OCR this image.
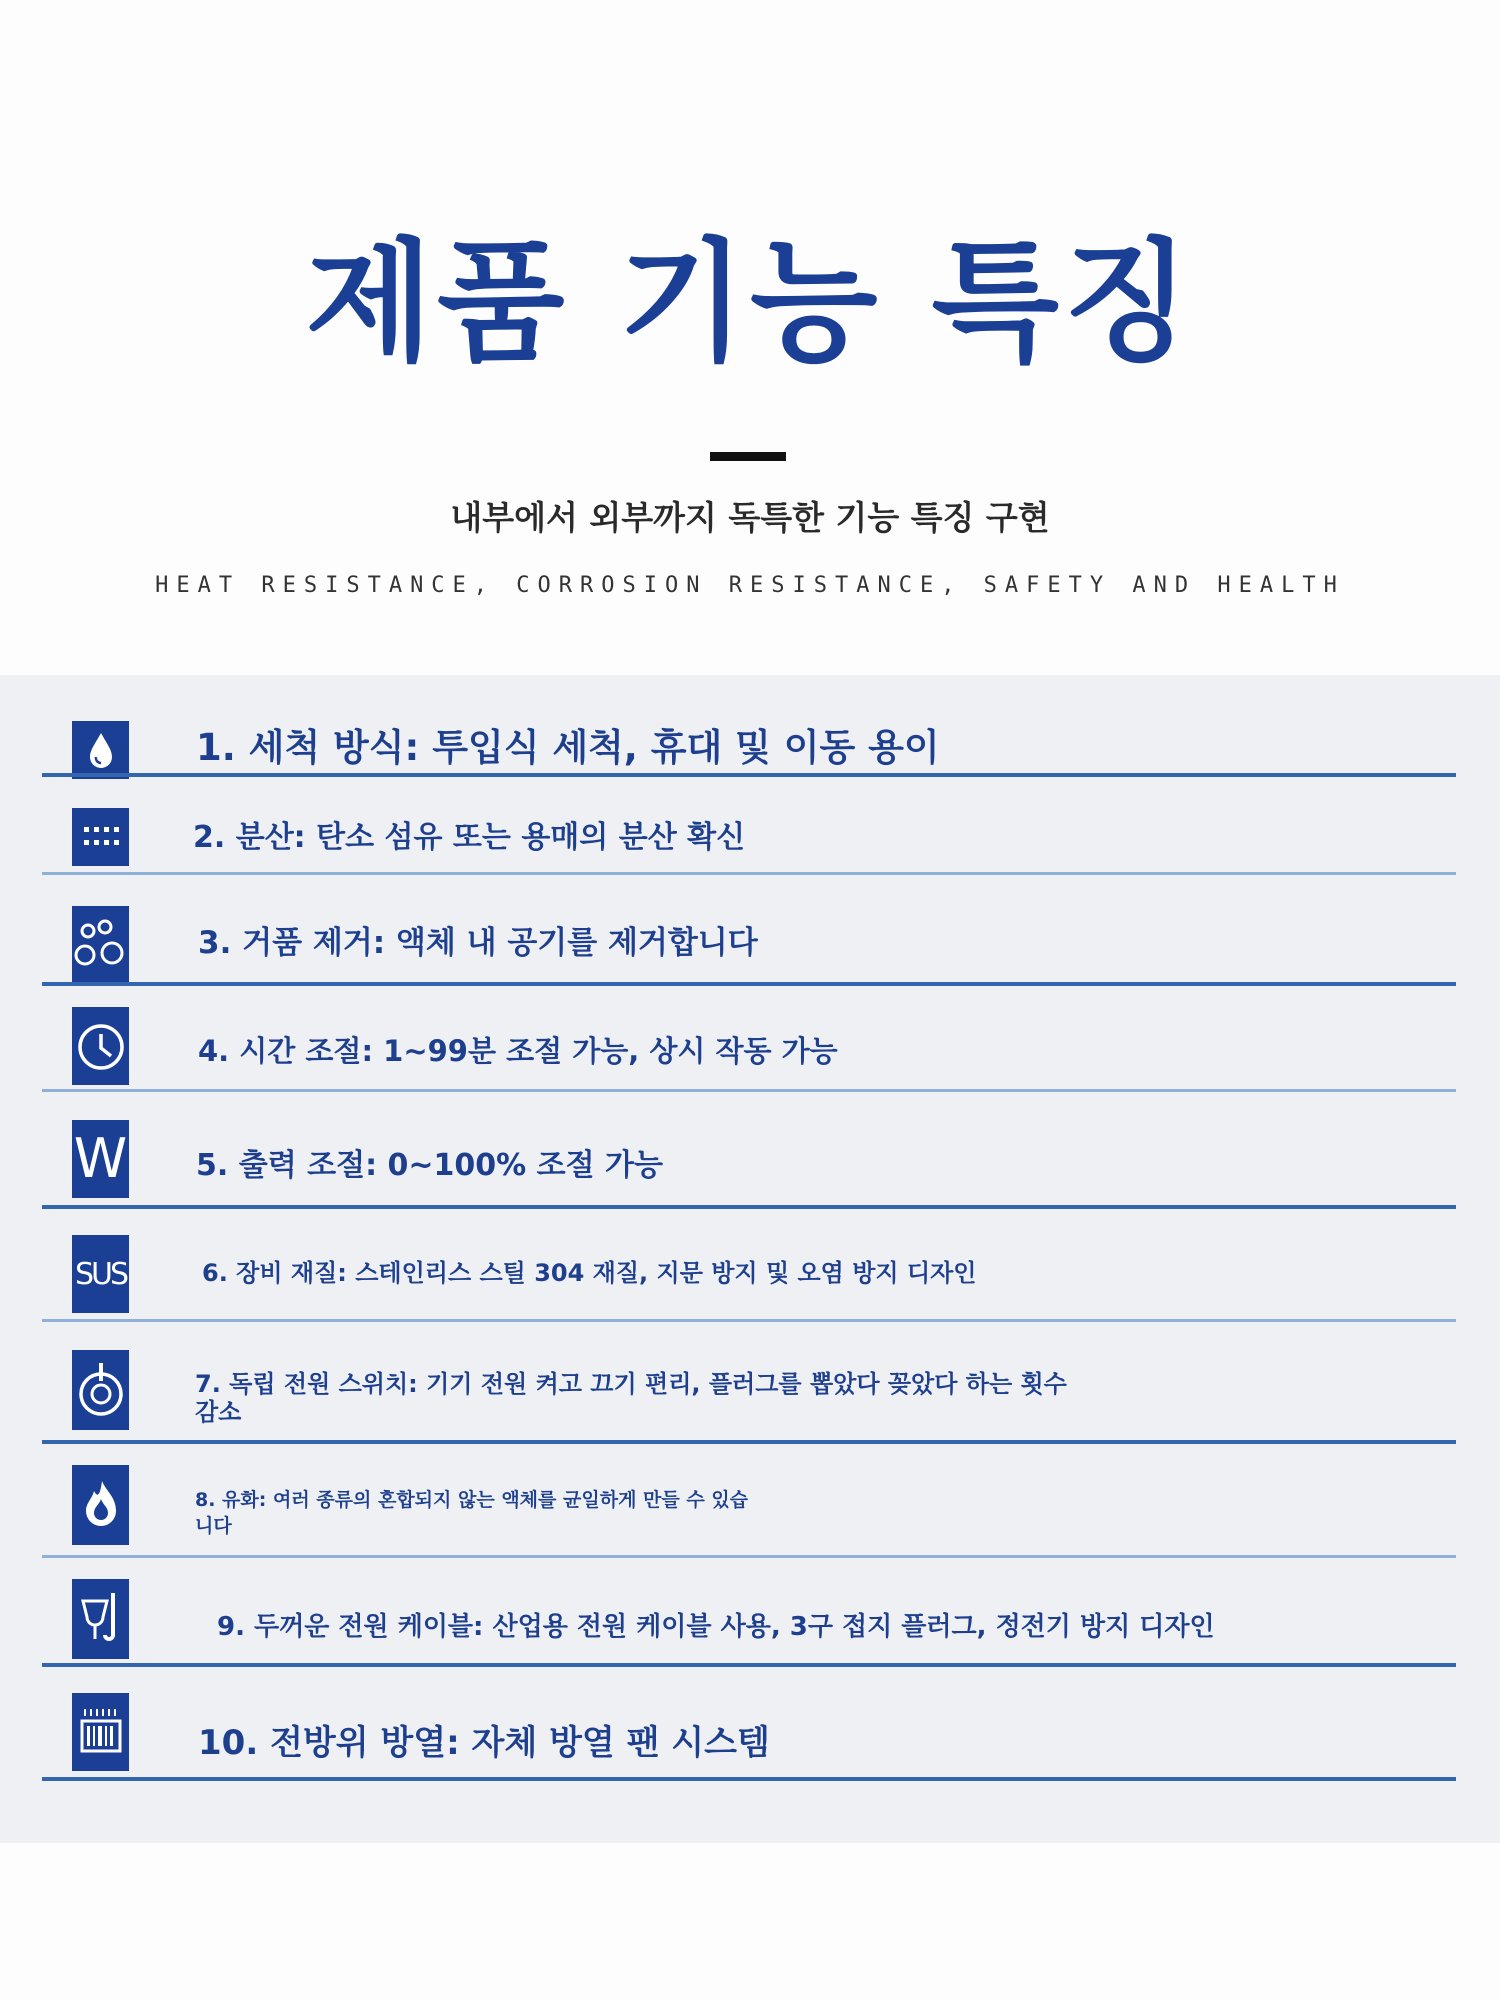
제품 기능 특징
내부에서 외부까지 독특한 기능 특징 구현
HEAT RESISTANCE, CORROSION RESISTANCE, SAFETY AND HEALTH
1. 세척 방식: 투입식 세척, 휴대 및 이동 용이
2. 분산: 탄소 섬유 또는 용매의 분산 확신
3. 거품 제거: 액체 내 공기를 제거합니다
4. 시간 조절: 1~99분 조절 가능, 상시 작동 가능
W 5. 출력 조절: 0~100% 조절 가능
SUS	6. 장비 재질: 스테인리스 스틸 304 재질, 지문 방지 및 오염 방지 디자인
7. 독립 전원 스위치: 기기 전원 켜고 끄기 편리, 플러그를 뽑았다 꽂았다 하는 횟수 감소
8. 유화: 여러 종류의 혼합되지 않는 액체를 균일하게 만들 수 있습니다
9. 두꺼운 전원 케이블: 산업용 전원 케이블 사용, 3구 접지 플러그, 정전기 방지 디자인
10. 전방위 방열: 자체 방열 팬 시스템
